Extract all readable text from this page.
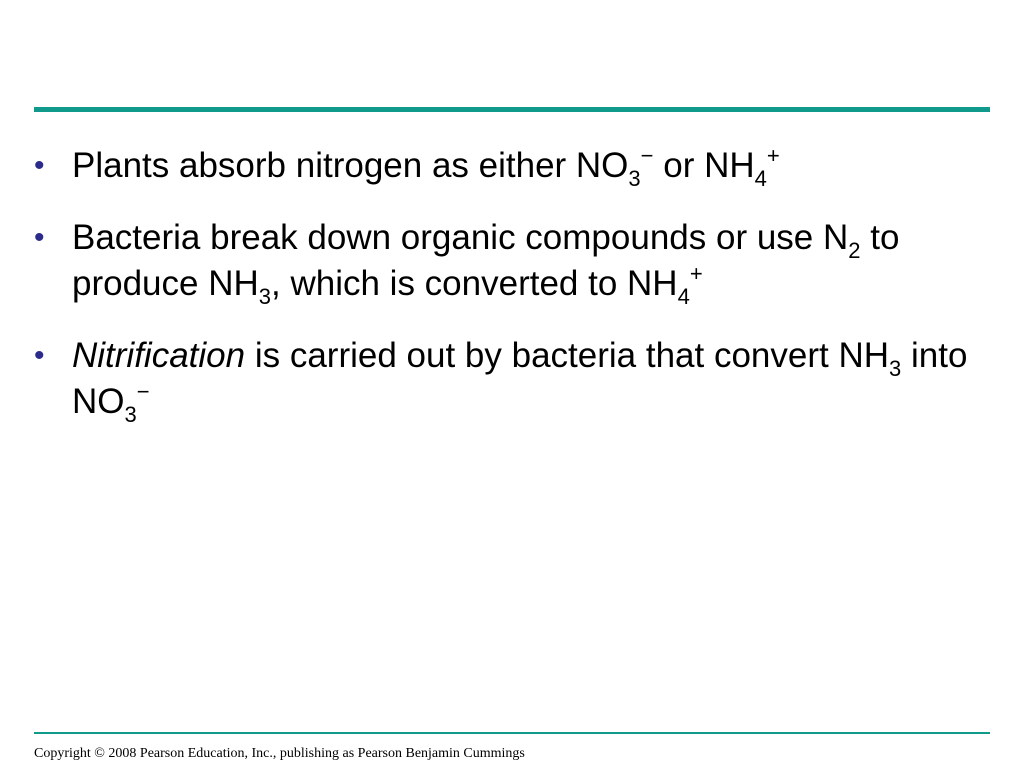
• Plants absorb nitrogen as either $NO_3^-$ or $NH_4^+$
• Bacteria break down organic compounds or use $N_2$ to produce $NH_3$, which is converted to $NH_4^+$
• Nitrification is carried out by bacteria that convert $NH_3$ into $NO_3^-$
Copyright © 2008 Pearson Education, Inc., publishing as Pearson Benjamin Cummings
